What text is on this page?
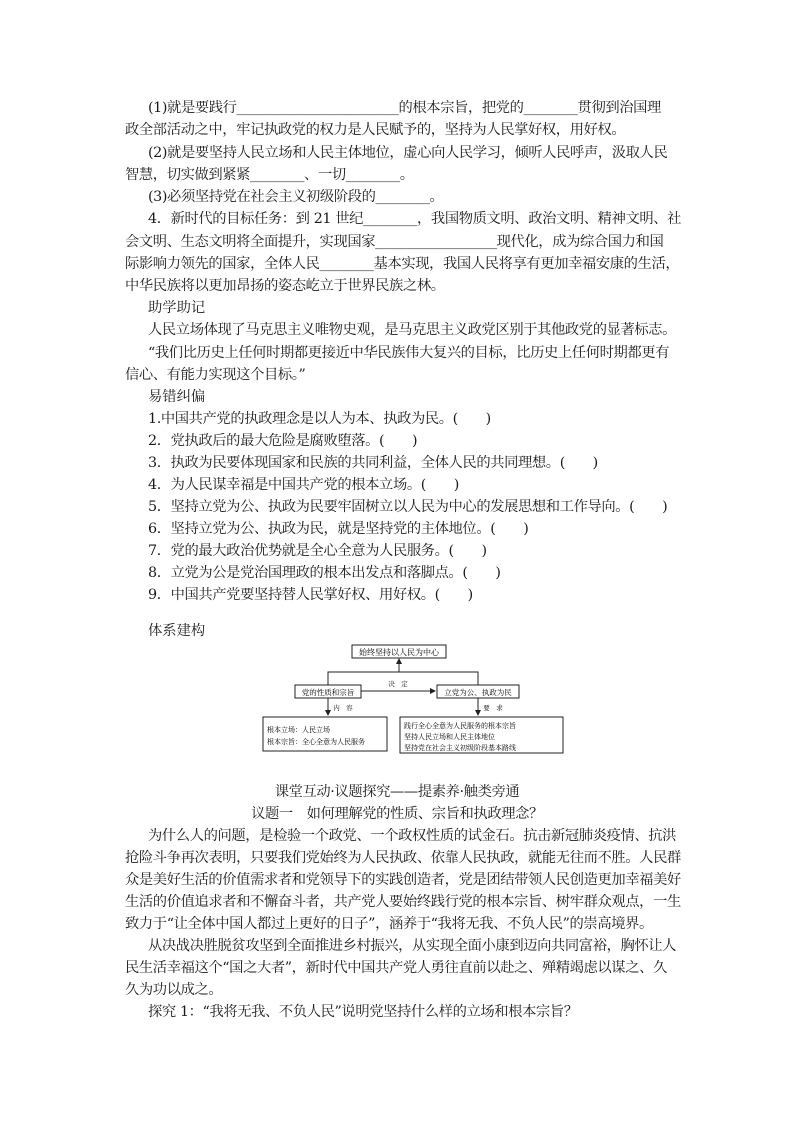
(1)就是要践行________________________的根本宗旨，把党的________贯彻到治国理
政全部活动之中，牢记执政党的权力是人民赋予的，坚持为人民掌好权，用好权。
(2)就是要坚持人民立场和人民主体地位，虚心向人民学习，倾听人民呼声，汲取人民
智慧，切实做到紧紧________、一切________。
(3)必须坚持党在社会主义初级阶段的________。
4．新时代的目标任务：到 21 世纪________，我国物质文明、政治文明、精神文明、社
会文明、生态文明将全面提升，实现国家__________________现代化，成为综合国力和国
际影响力领先的国家，全体人民________基本实现，我国人民将享有更加幸福安康的生活，
中华民族将以更加昂扬的姿态屹立于世界民族之林。
助学助记
人民立场体现了马克思主义唯物史观，是马克思主义政党区别于其他政党的显著标志。
“我们比历史上任何时期都更接近中华民族伟大复兴的目标，比历史上任何时期都更有
信心、有能力实现这个目标。”
易错纠偏
1.中国共产党的执政理念是以人为本、执政为民。(　　)
2．党执政后的最大危险是腐败堕落。(　　)
3．执政为民要体现国家和民族的共同利益，全体人民的共同理想。(　　)
4．为人民谋幸福是中国共产党的根本立场。(　　)
5．坚持立党为公、执政为民要牢固树立以人民为中心的发展思想和工作导向。(　　)
6．坚持立党为公、执政为民，就是坚持党的主体地位。(　　)
7．党的最大政治优势就是全心全意为人民服务。(　　)
8．立党为公是党治国理政的根本出发点和落脚点。(　　)
9．中国共产党要坚持替人民掌好权、用好权。(　　)
体系建构
始终坚持以人民为中心
党的性质和宗旨	立党为公、执政为民
决　定
内　容	要　求
根本立场：人民立场
根本宗旨：全心全意为人民服务
践行全心全意为人民服务的根本宗旨
坚持人民立场和人民主体地位
坚持党在社会主义初级阶段基本路线
课堂互动·议题探究——提素养·触类旁通
议题一　如何理解党的性质、宗旨和执政理念？
为什么人的问题，是检验一个政党、一个政权性质的试金石。抗击新冠肺炎疫情、抗洪
抢险斗争再次表明，只要我们党始终为人民执政、依靠人民执政，就能无往而不胜。人民群
众是美好生活的价值需求者和党领导下的实践创造者，党是团结带领人民创造更加幸福美好
生活的价值追求者和不懈奋斗者，共产党人要始终践行党的根本宗旨、树牢群众观点，一生
致力于“让全体中国人都过上更好的日子”，涵养于“我将无我、不负人民”的崇高境界。
从决战决胜脱贫攻坚到全面推进乡村振兴，从实现全面小康到迈向共同富裕，胸怀让人
民生活幸福这个“国之大者”，新时代中国共产党人勇往直前以赴之、殚精竭虑以谋之、久
久为功以成之。
探究 1：“我将无我、不负人民”说明党坚持什么样的立场和根本宗旨？
